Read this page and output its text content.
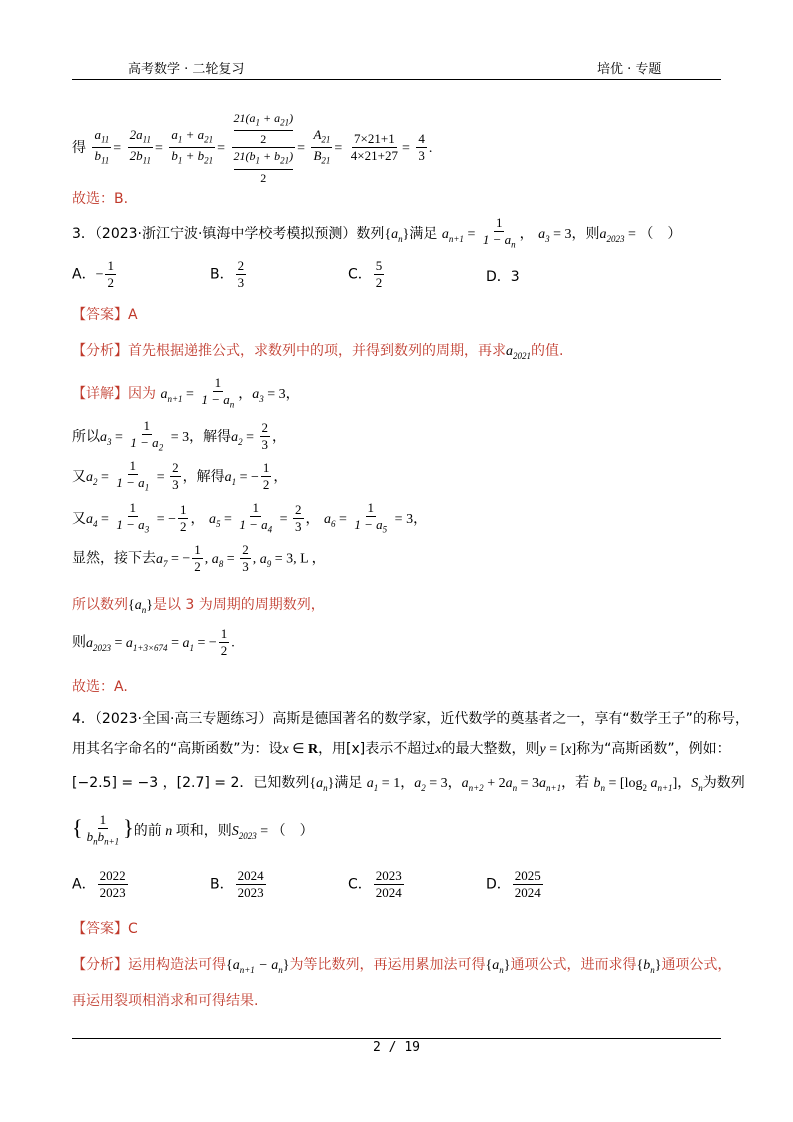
高考数学 · 二轮复习	培优 · 专题
得 $\frac{a_{11}}{b_{11}} = \frac{2a_{11}}{2b_{11}} = \frac{a_1 + a_{21}}{b_1 + b_{21}} = 21(a_1 + a_{21})$
2
$21(b_1 + b_{21})$
$2 = \frac{A_{21}}{B_{21}} = \frac{7\times 21+1}{4\times 21+27} = \frac{4}{3}$ .
故选：B.
3．（2023·浙江宁波·镇海中学校考模拟预测）数列$\{a_n\}$满足 $a_{n+1} = \frac{1}{1 - a_n}$ ， $a_3 = 3$，则$a_{2023}$ = （　）
A．− $\frac{1}{2}$	B． $\frac{2}{3}$	C． $\frac{5}{2}$	D．3
【答案】A
【分析】首先根据递推公式，求数列中的项，并得到数列的周期，再求$a_{2021}$的值.
【详解】因为 $a_{n+1} = \frac{1}{1 - a_n}$ ，$a_3 = 3$，
所以$a_3 = \frac{1}{1 - a_2} = 3$，解得$a_2 = \frac{2}{3}$ ，
又$a_2 = \frac{1}{1 - a_1} = \frac{2}{3}$ ，解得$a_1$ = − $\frac{1}{2}$ ，
又$a_4 = \frac{1}{1 - a_3}$ = − $\frac{1}{2}$ ， $a_5 = \frac{1}{1 - a_4} = \frac{2}{3}$ ， $a_6 = \frac{1}{1 - a_5} = 3$，
显然，接下去$a_7$ = − $\frac{1}{2}$ , $a_8 = \frac{2}{3}$ , $a_9 = 3$, L ，
所以数列$\{a_n\}$是以 3 为周期的周期数列，
则$a_{2023} = a_{1+3\times 674} = a_1$ = − $\frac{1}{2}$ .
故选：A.
4．（2023·全国·高三专题练习）高斯是德国著名的数学家，近代数学的奠基者之一，享有“数学王子”的称号，
用其名字命名的“高斯函数”为：设x ∈ R，用[x]表示不超过x的最大整数，则y = [x]称为“高斯函数”，例如：
[−2.5] = −3 ，[2.7] = 2．已知数列$\{a_n\}$满足 $a_1 = 1$，$a_2 = 3$，$a_{n+2} + 2a_n = 3a_{n+1}$，若 $b_n = [\log_2$ $a_{n+1}$]，$S_n$为数列
{ $\frac{1}{b_nb_{n+1}}$ }的前 n 项和，则$S_{2023}$ = （　）
A． $\frac{2022}{2023}$	B． $\frac{2024}{2023}$	C． $\frac{2023}{2024}$	D． $\frac{2025}{2024}$
【答案】C
【分析】运用构造法可得$\{a_{n+1} - a_n\}$为等比数列，再运用累加法可得$\{a_n\}$通项公式，进而求得$\{b_n\}$通项公式，
再运用裂项相消求和可得结果.
2 / 19
